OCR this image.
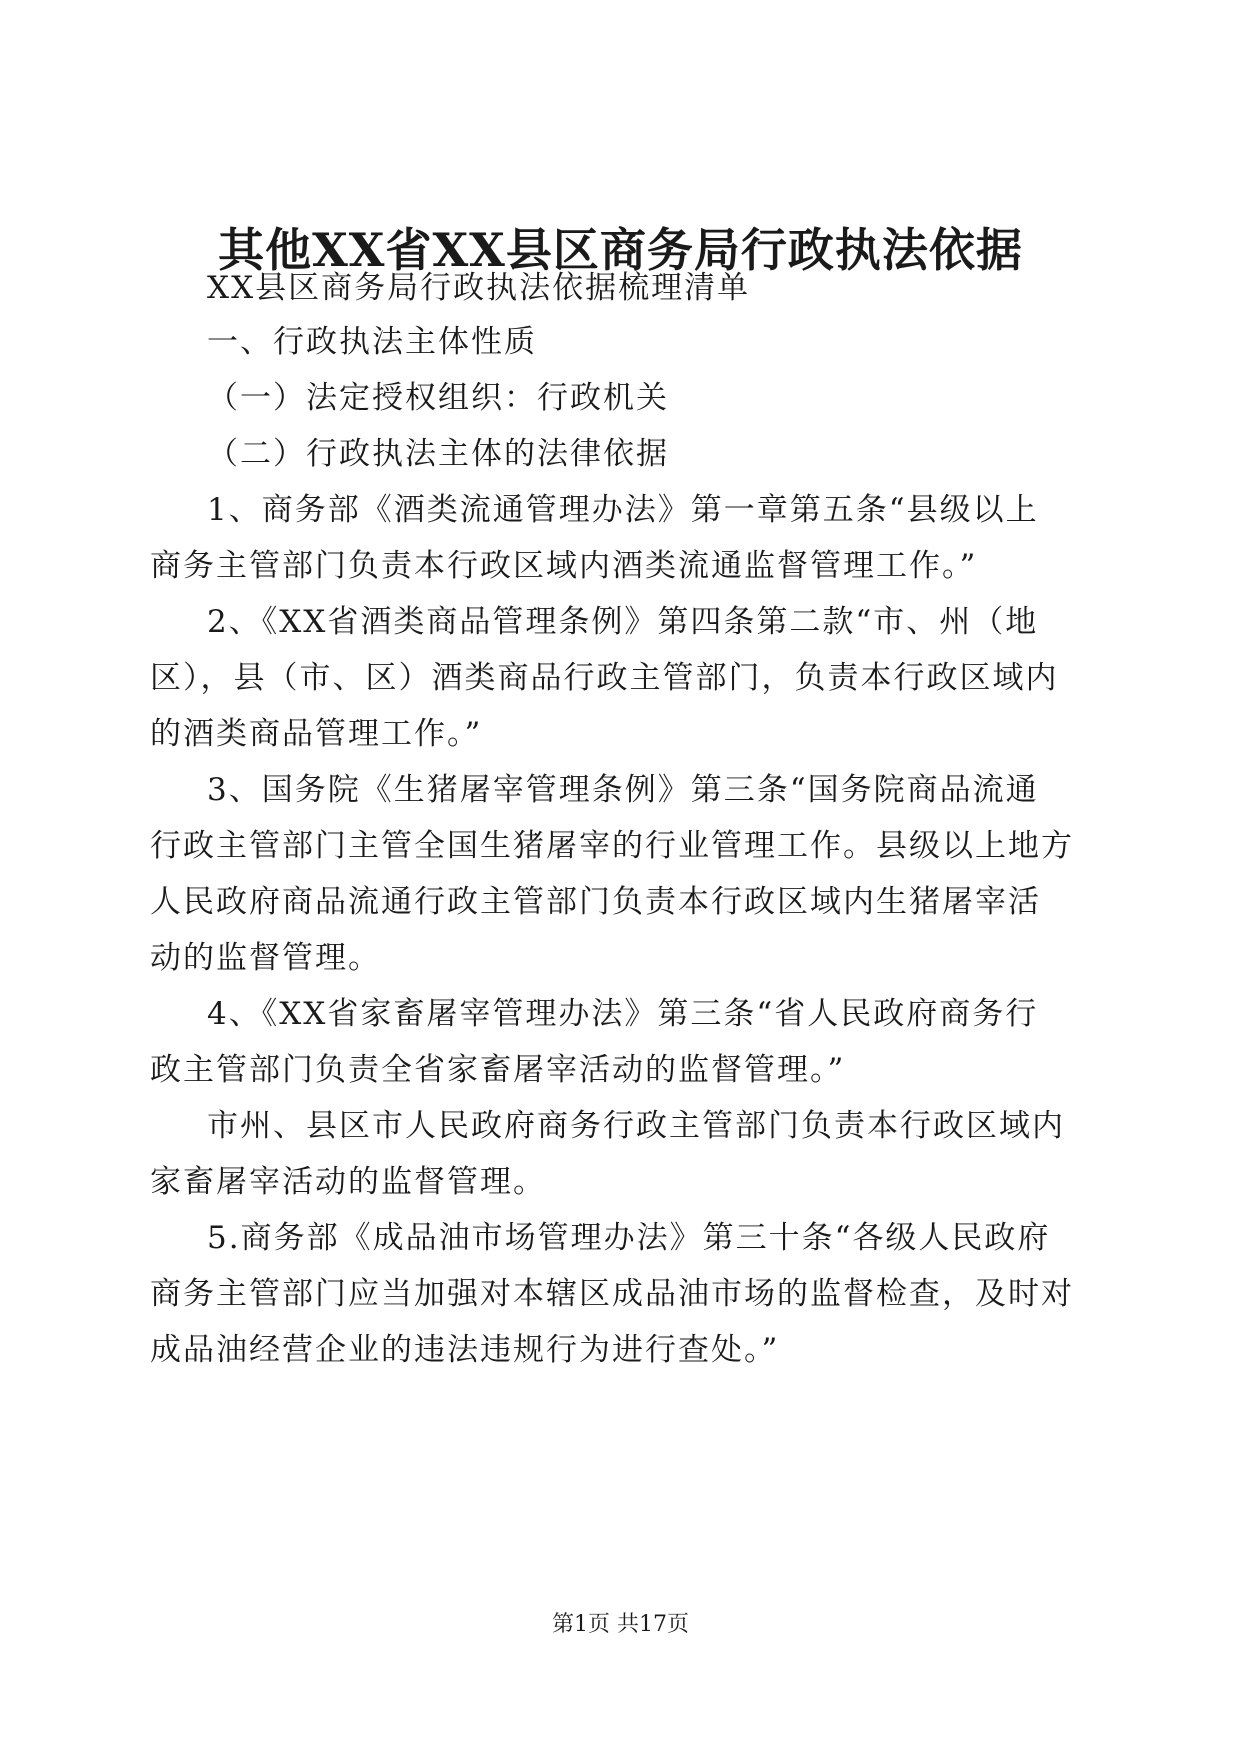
其他XX省XX县区商务局行政执法依据
XX县区商务局行政执法依据梳理清单
一、行政执法主体性质
（一）法定授权组织：行政机关
（二）行政执法主体的法律依据
1、商务部《酒类流通管理办法》第一章第五条“县级以上
商务主管部门负责本行政区域内酒类流通监督管理工作。”
2、《XX省酒类商品管理条例》第四条第二款“市、州（地
区），县（市、区）酒类商品行政主管部门，负责本行政区域内
的酒类商品管理工作。”
3、国务院《生猪屠宰管理条例》第三条“国务院商品流通
行政主管部门主管全国生猪屠宰的行业管理工作。县级以上地方
人民政府商品流通行政主管部门负责本行政区域内生猪屠宰活
动的监督管理。
4、《XX省家畜屠宰管理办法》第三条“省人民政府商务行
政主管部门负责全省家畜屠宰活动的监督管理。”
市州、县区市人民政府商务行政主管部门负责本行政区域内
家畜屠宰活动的监督管理。
5.商务部《成品油市场管理办法》第三十条“各级人民政府
商务主管部门应当加强对本辖区成品油市场的监督检查，及时对
成品油经营企业的违法违规行为进行查处。”
第1页 共17页
